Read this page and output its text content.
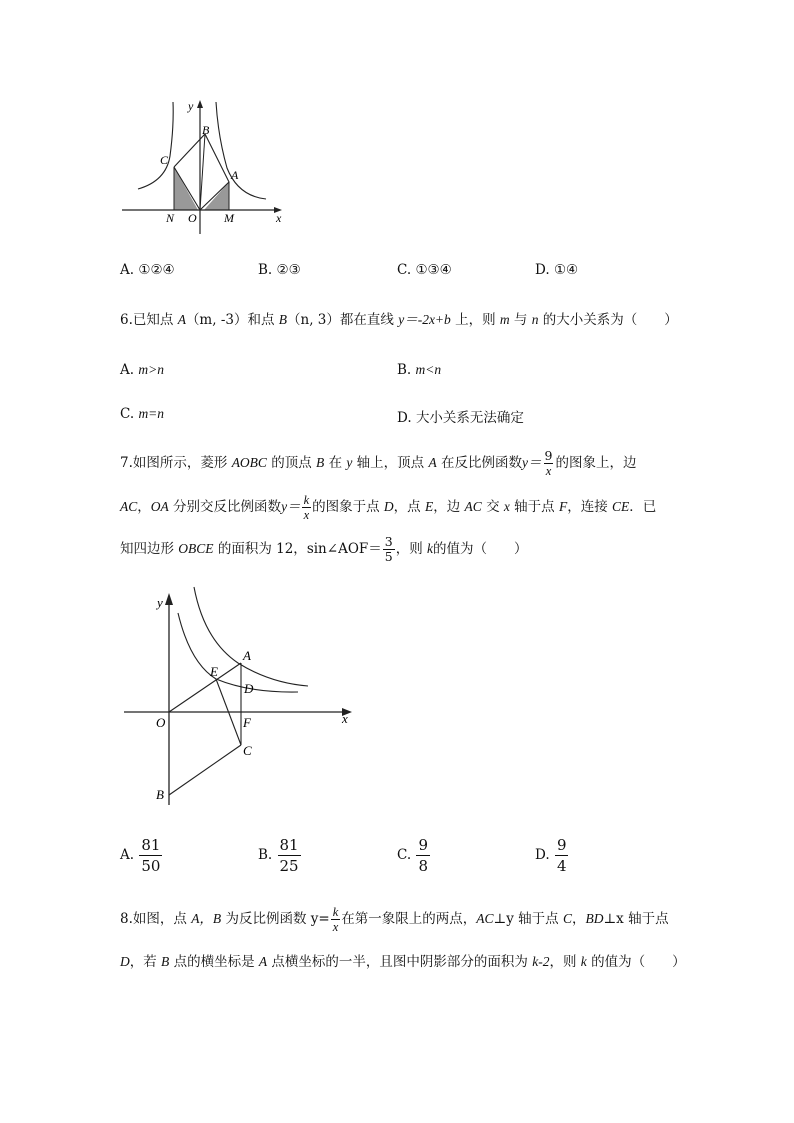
y
x
B
C
A
N O M
A. ①②④	B. ②③	C. ①③④	D. ①④
6.已知点 A（m, -3）和点 B（n, 3）都在直线 y＝-2x+b 上，则 m 与 n 的大小关系为（　　）
A. m>n	B. m<n
C. m=n	D. 大小关系无法确定
7.如图所示，菱形 AOBC 的顶点 B 在 y 轴上，顶点 A 在反比例函数$y= \frac{9}{x}$ 的图象上，边
AC，OA 分别交反比例函数$y= \frac{k}{x}$ 的图象于点 D，点 E，边 AC 交 x 轴于点 F，连接 CE．已
知四边形 OBCE 的面积为 12，sin∠AOF＝ $\frac{3}{5}$ ，则 k的值为（　　）
y
x
A
E
D
O	F
C
B
A. $\frac{81}{50}$	B. $\frac{81}{25}$	C. $\frac{9}{8}$	D. $\frac{9}{4}$
8.如图，点 A，B 为反比例函数 $y= \frac{k}{x}$ 在第一象限上的两点，AC⊥y 轴于点 C，BD⊥x 轴于点
D，若 B 点的横坐标是 A 点横坐标的一半，且图中阴影部分的面积为 k-2，则 k 的值为（　　）
